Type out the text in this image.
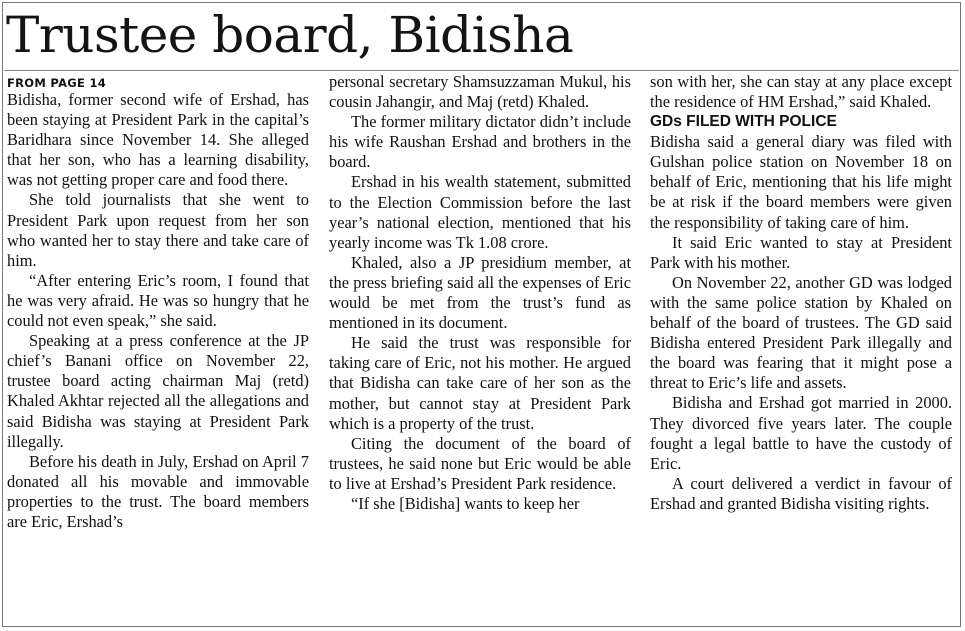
Trustee board, Bidisha
FROM PAGE 14

Bidisha, former second wife of Ershad, has been staying at President Park in the capital’s Baridhara since November 14. She alleged that her son, who has a learning disability, was not getting proper care and food there.

She told journalists that she went to President Park upon request from her son who wanted her to stay there and take care of him.

“After entering Eric’s room, I found that he was very afraid. He was so hungry that he could not even speak,” she said.

Speaking at a press conference at the JP chief’s Banani office on November 22, trustee board acting chairman Maj (retd) Khaled Akhtar rejected all the allegations and said Bidisha was staying at President Park illegally.

Before his death in July, Ershad on April 7 donated all his movable and immovable properties to the trust. The board members are Eric, Ershad’s

personal secretary Shamsuzzaman Mukul, his cousin Jahangir, and Maj (retd) Khaled.

The former military dictator didn’t include his wife Raushan Ershad and brothers in the board.

Ershad in his wealth statement, submitted to the Election Commission before the last year’s national election, mentioned that his yearly income was Tk 1.08 crore.

Khaled, also a JP presidium member, at the press briefing said all the expenses of Eric would be met from the trust’s fund as mentioned in its document.

He said the trust was responsible for taking care of Eric, not his mother. He argued that Bidisha can take care of her son as the mother, but cannot stay at President Park which is a property of the trust.

Citing the document of the board of trustees, he said none but Eric would be able to live at Ershad’s President Park residence.

“If she [Bidisha] wants to keep her

son with her, she can stay at any place except the residence of HM Ershad,” said Khaled.

GDs FILED WITH POLICE

Bidisha said a general diary was filed with Gulshan police station on November 18 on behalf of Eric, mentioning that his life might be at risk if the board members were given the responsibility of taking care of him.

It said Eric wanted to stay at President Park with his mother.

On November 22, another GD was lodged with the same police station by Khaled on behalf of the board of trustees. The GD said Bidisha entered President Park illegally and the board was fearing that it might pose a threat to Eric’s life and assets.

Bidisha and Ershad got married in 2000. They divorced five years later. The couple fought a legal battle to have the custody of Eric.

A court delivered a verdict in favour of Ershad and granted Bidisha visiting rights.
